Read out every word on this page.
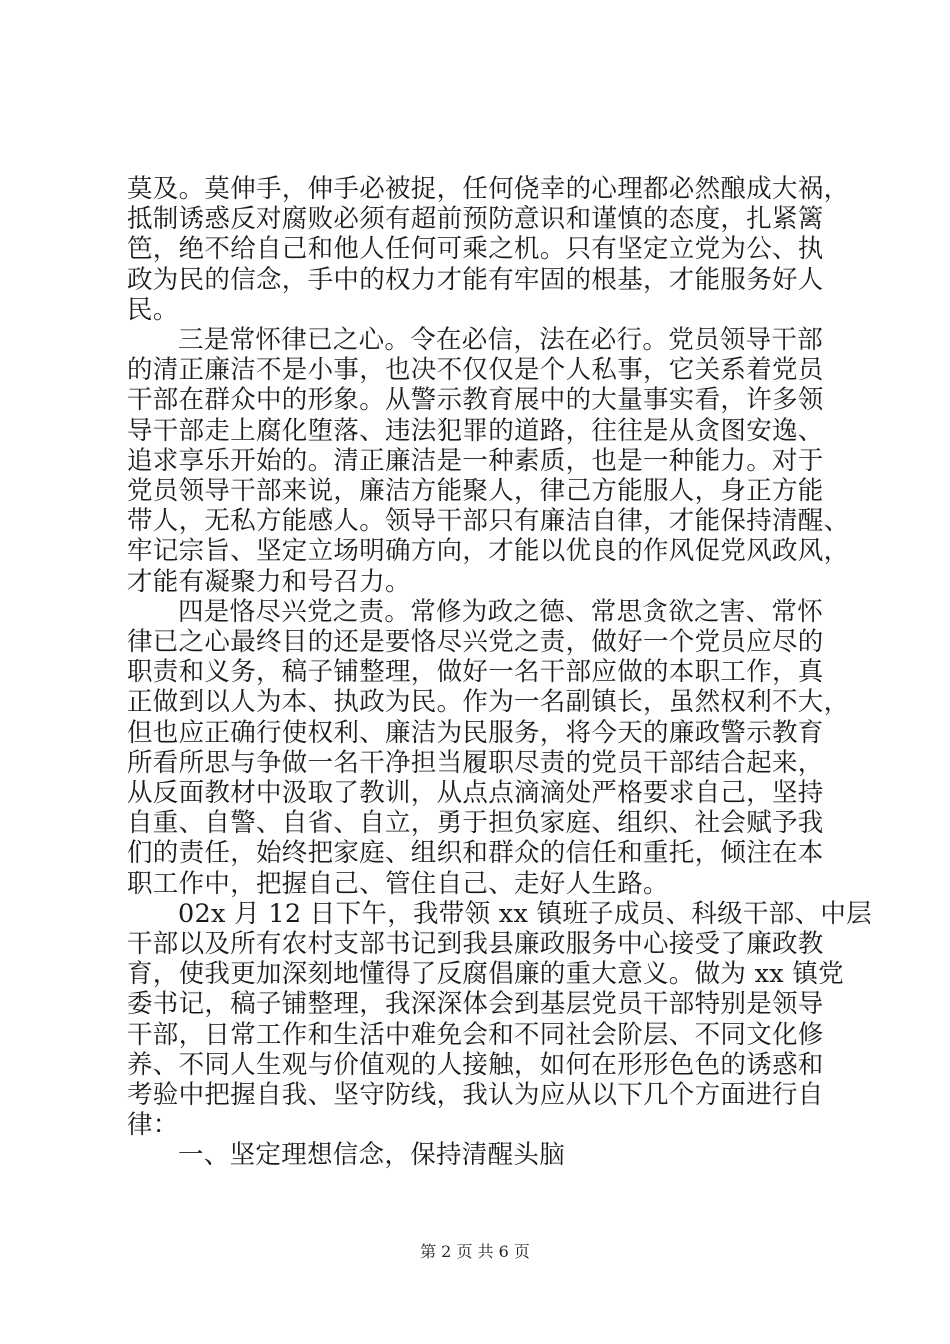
莫及。莫伸手，伸手必被捉，任何侥幸的心理都必然酿成大祸，
抵制诱惑反对腐败必须有超前预防意识和谨慎的态度，扎紧篱
笆，绝不给自己和他人任何可乘之机。只有坚定立党为公、执
政为民的信念，手中的权力才能有牢固的根基，才能服务好人
民。
三是常怀律已之心。令在必信，法在必行。党员领导干部
的清正廉洁不是小事，也决不仅仅是个人私事，它关系着党员
干部在群众中的形象。从警示教育展中的大量事实看，许多领
导干部走上腐化堕落、违法犯罪的道路，往往是从贪图安逸、
追求享乐开始的。清正廉洁是一种素质，也是一种能力。对于
党员领导干部来说，廉洁方能聚人，律己方能服人，身正方能
带人，无私方能感人。领导干部只有廉洁自律，才能保持清醒、
牢记宗旨、坚定立场明确方向，才能以优良的作风促党风政风，
才能有凝聚力和号召力。
四是恪尽兴党之责。常修为政之德、常思贪欲之害、常怀
律已之心最终目的还是要恪尽兴党之责，做好一个党员应尽的
职责和义务，稿子铺整理，做好一名干部应做的本职工作，真
正做到以人为本、执政为民。作为一名副镇长，虽然权利不大，
但也应正确行使权利、廉洁为民服务，将今天的廉政警示教育
所看所思与争做一名干净担当履职尽责的党员干部结合起来，
从反面教材中汲取了教训，从点点滴滴处严格要求自己，坚持
自重、自警、自省、自立，勇于担负家庭、组织、社会赋予我
们的责任，始终把家庭、组织和群众的信任和重托，倾注在本
职工作中，把握自己、管住自己、走好人生路。
02x 月 12 日下午，我带领 xx 镇班子成员、科级干部、中层
干部以及所有农村支部书记到我县廉政服务中心接受了廉政教
育，使我更加深刻地懂得了反腐倡廉的重大意义。做为 xx 镇党
委书记，稿子铺整理，我深深体会到基层党员干部特别是领导
干部，日常工作和生活中难免会和不同社会阶层、不同文化修
养、不同人生观与价值观的人接触，如何在形形色色的诱惑和
考验中把握自我、坚守防线，我认为应从以下几个方面进行自
律：
一、坚定理想信念，保持清醒头脑
第 2 页 共 6 页
